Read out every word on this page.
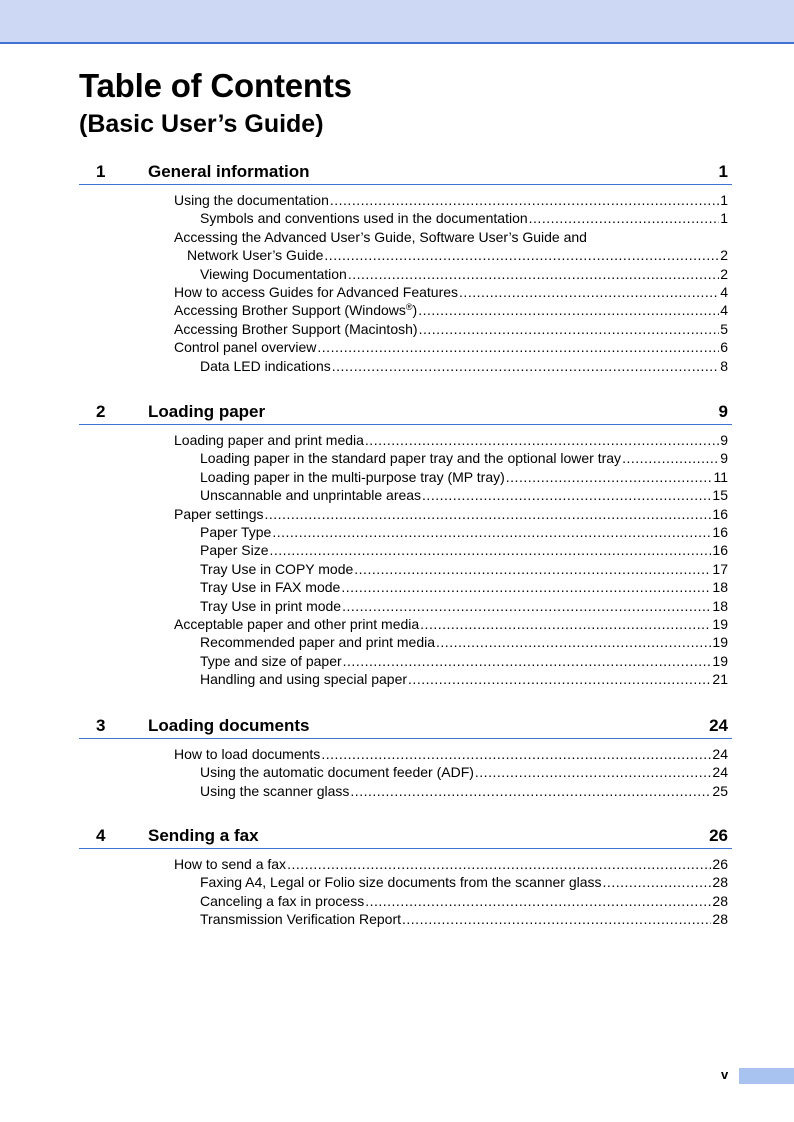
Table of Contents
(Basic User’s Guide)
1	General information	1
Using the documentation .....	1
Symbols and conventions used in the documentation .....	1
Accessing the Advanced User’s Guide, Software User’s Guide and
Network User’s Guide .....	2
Viewing Documentation .....	2
How to access Guides for Advanced Features .....	4
Accessing Brother Support (Windows®) .....	4
Accessing Brother Support (Macintosh) .....	5
Control panel overview .....	6
Data LED indications .....	8
2	Loading paper	9
Loading paper and print media .....	9
Loading paper in the standard paper tray and the optional lower tray .....	9
Loading paper in the multi-purpose tray (MP tray) .....	11
Unscannable and unprintable areas .....	15
Paper settings .....	16
Paper Type .....	16
Paper Size .....	16
Tray Use in COPY mode .....	17
Tray Use in FAX mode .....	18
Tray Use in print mode .....	18
Acceptable paper and other print media .....	19
Recommended paper and print media .....	19
Type and size of paper .....	19
Handling and using special paper .....	21
3	Loading documents	24
How to load documents .....	24
Using the automatic document feeder (ADF) .....	24
Using the scanner glass .....	25
4	Sending a fax	26
How to send a fax .....	26
Faxing A4, Legal or Folio size documents from the scanner glass .....	28
Canceling a fax in process .....	28
Transmission Verification Report .....	28
v
